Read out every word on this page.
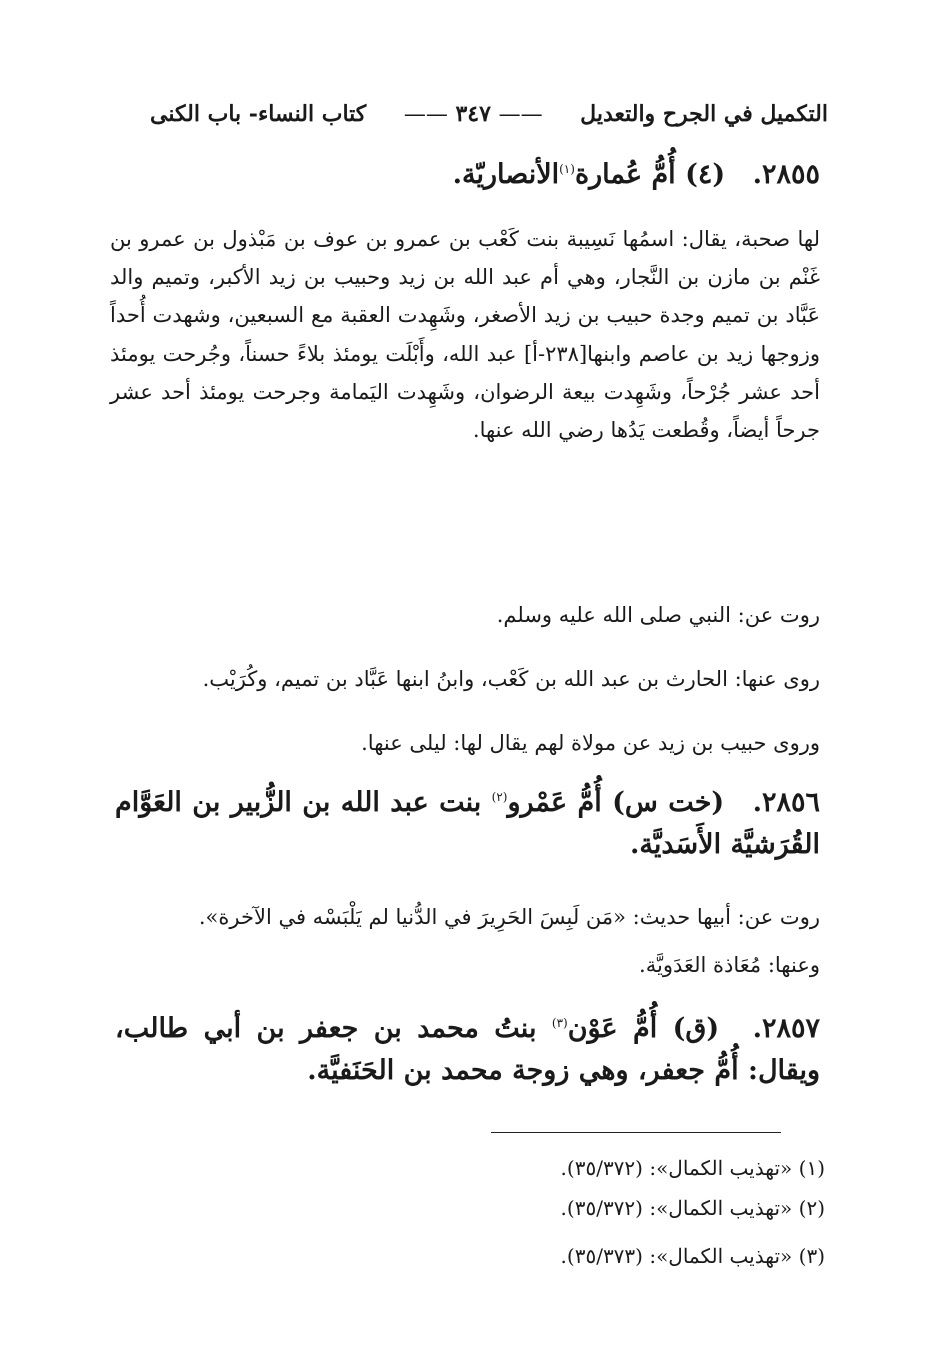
التكميل في الجرح والتعديل
—— ٣٤٧ ——
كتاب النساء- باب الكنى
٢٨٥٥. (٤) أُمُّ عُمارة$^{(١)}$الأنصاريّة.

لها صحبة، يقال: اسمُها نَسِيبة بنت كَعْب بن عمرو بن عوف بن مَبْذول بن عمرو بن غَنْم بن مازن بن النَّجار، وهي أم عبد الله بن زيد وحبيب بن زيد الأكبر، وتميم والد عَبَّاد بن تميم وجدة حبيب بن زيد الأصغر، وشَهِدت العقبة مع السبعين، وشهدت أُحداً وزوجها زيد بن عاصم وابنها[٢٣٨-أ] عبد الله، وأَبْلَت يومئذ بلاءً حسناً، وجُرحت يومئذ أحد عشر جُرْحاً، وشَهِدت بيعة الرضوان، وشَهِدت اليَمامة وجرحت يومئذ أحد عشر جرحاً أيضاً، وقُطعت يَدُها رضي الله عنها.

روت عن: النبي صلى الله عليه وسلم.

روى عنها: الحارث بن عبد الله بن كَعْب، وابنُ ابنها عَبَّاد بن تميم، وكُرَيْب.

وروى حبيب بن زيد عن مولاة لهم يقال لها: ليلى عنها.

٢٨٥٦. (خت س) أُمُّ عَمْرو$^{(٢)}$ بنت عبد الله بن الزُّبير بن العَوَّام القُرَشيَّة الأَسَديَّة.

روت عن: أبيها حديث: «مَن لَبِسَ الحَرِيرَ في الدُّنيا لم يَلْبَسْه في الآخرة».

وعنها: مُعَاذة العَدَويَّة.

٢٨٥٧. (ق) أُمُّ عَوْن$^{(٣)}$ بنتُ محمد بن جعفر بن أبي طالب، ويقال: أُمُّ جعفر، وهي زوجة محمد بن الحَنَفيَّة.
(١) «تهذيب الكمال»: (٣٥/٣٧٢).
(٢) «تهذيب الكمال»: (٣٥/٣٧٢).
(٣) «تهذيب الكمال»: (٣٥/٣٧٣).
